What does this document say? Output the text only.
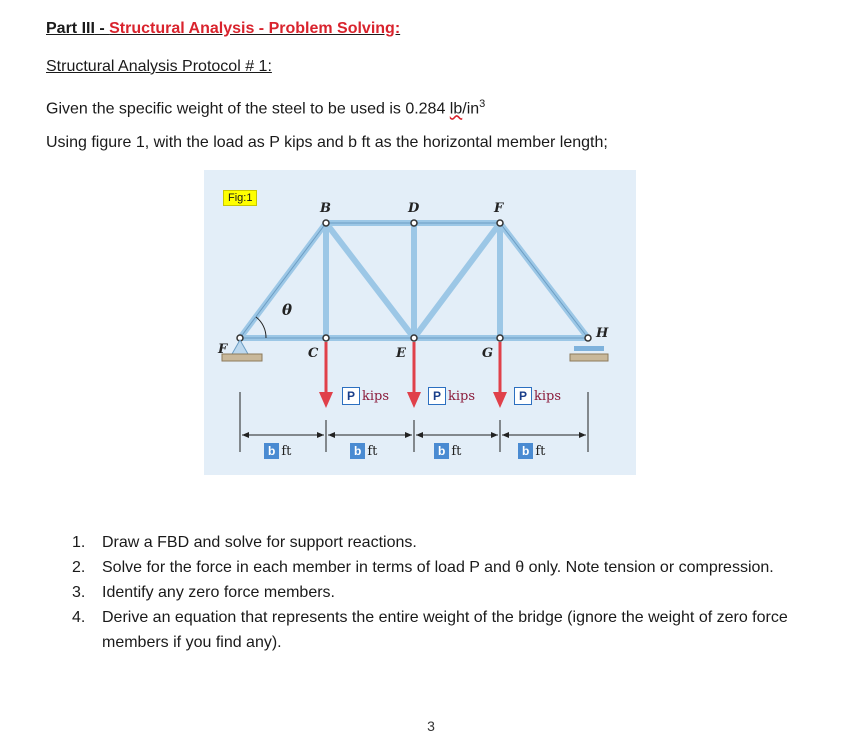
Part III - Structural Analysis - Problem Solving:
Structural Analysis Protocol # 1:
Given the specific weight of the steel to be used is 0.284 $lb/in^3$
Using figure 1, with the load as P kips and b ft as the horizontal member length;
Fig:1
B	D	F
F	C	E	G
H
θ
P kips	P kips	P kips
b ft	b ft	b ft	b ft
1. Draw a FBD and solve for support reactions.
2. Solve for the force in each member in terms of load P and θ only. Note tension or compression.
3. Identify any zero force members.
4. Derive an equation that represents the entire weight of the bridge (ignore the weight of zero force members if you find any).
3
